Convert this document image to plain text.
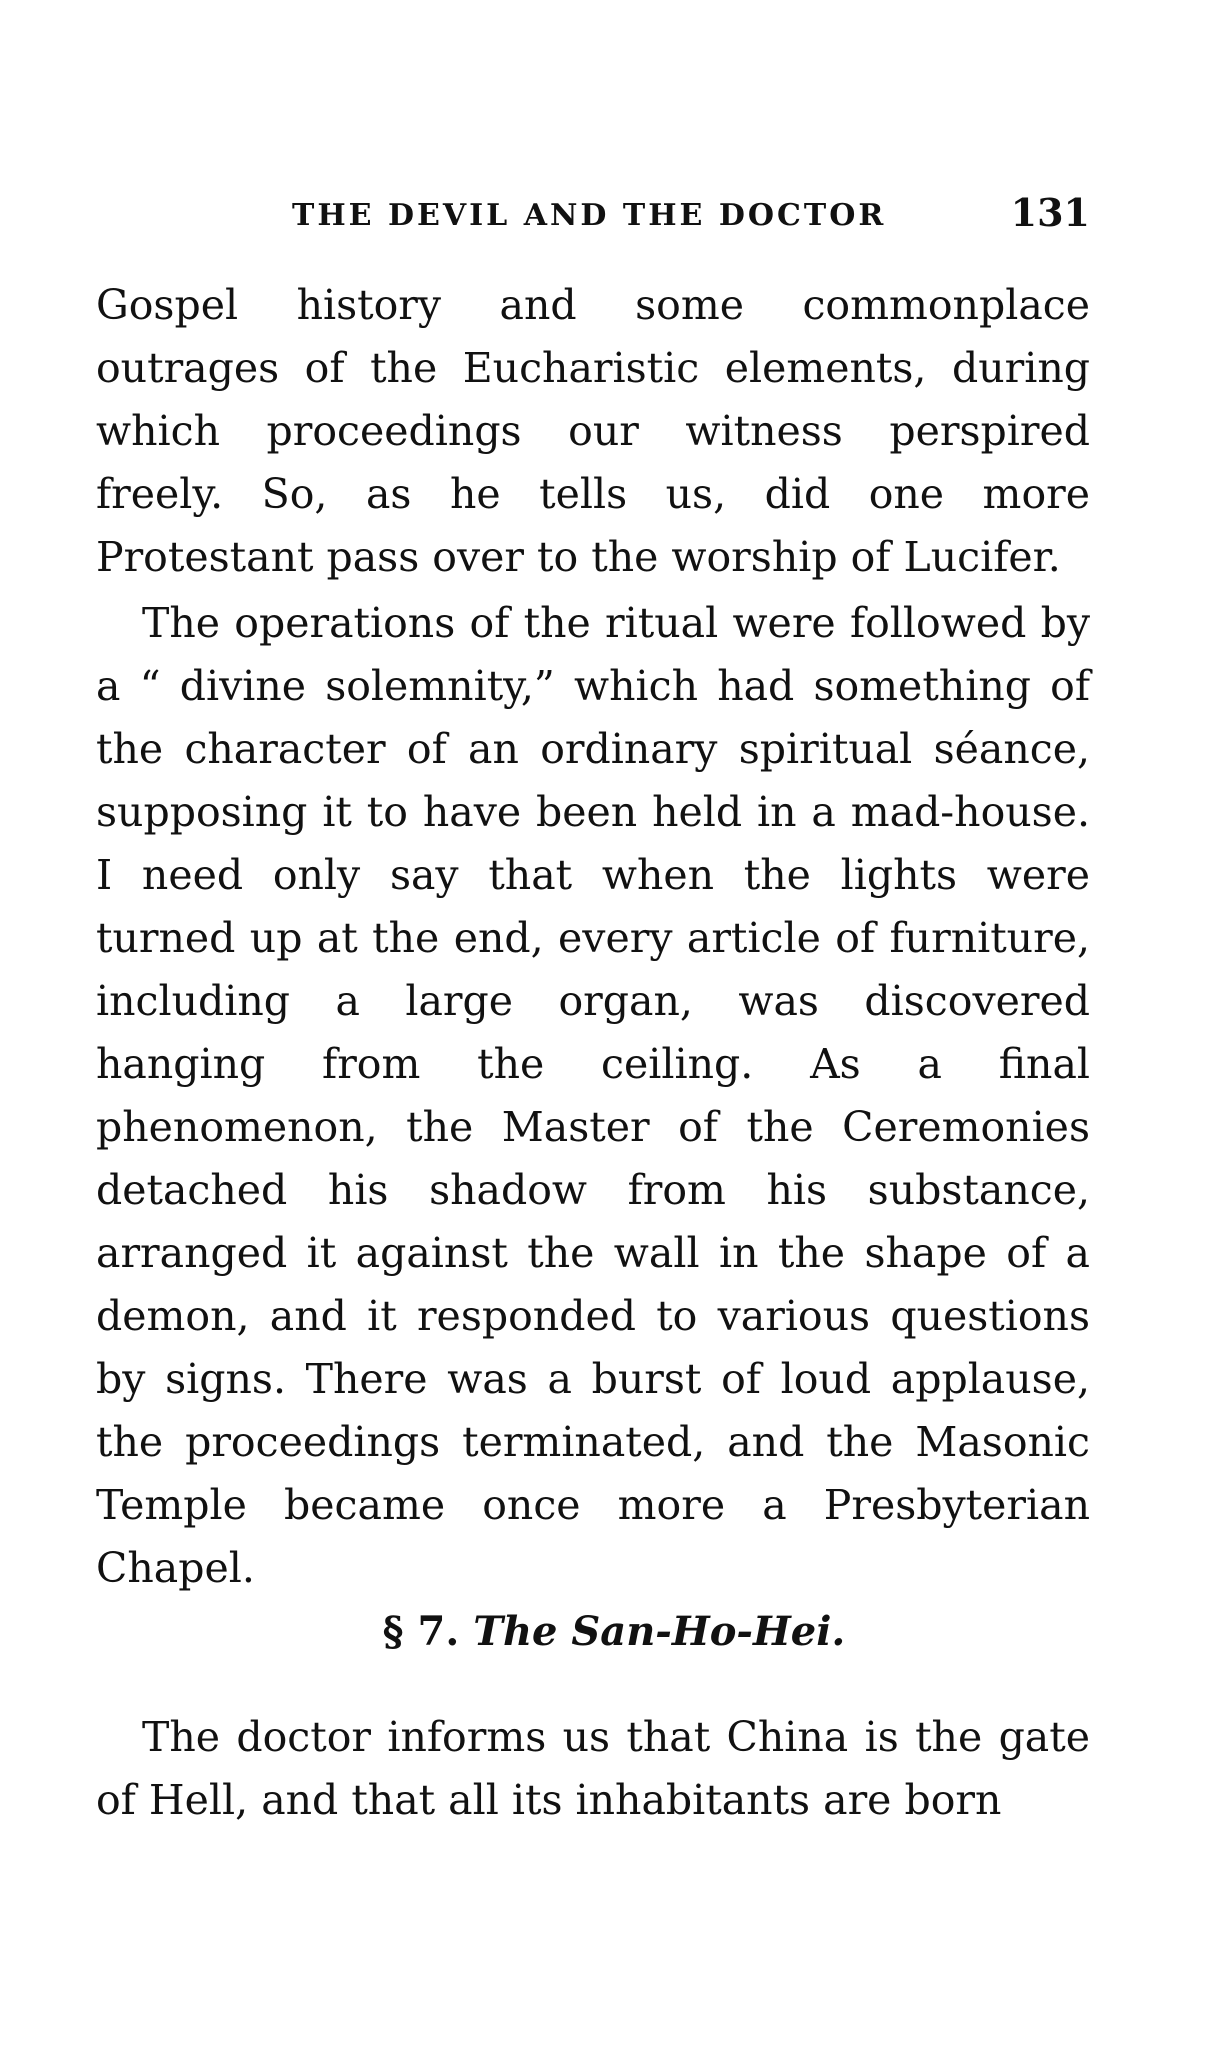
THE DEVIL AND THE DOCTOR	131

Gospel history and some commonplace outrages of the Eucharistic elements, during which proceedings our witness perspired freely. So, as he tells us, did one more Protestant pass over to the worship of Lucifer.

The operations of the ritual were followed by a “ divine solemnity,” which had something of the character of an ordinary spiritual séance, supposing it to have been held in a mad-house. I need only say that when the lights were turned up at the end, every article of furniture, including a large organ, was discovered hanging from the ceiling. As a final phenomenon, the Master of the Ceremonies detached his shadow from his substance, arranged it against the wall in the shape of a demon, and it responded to various questions by signs. There was a burst of loud applause, the proceedings terminated, and the Masonic Temple became once more a Presbyterian Chapel.

§ 7. The San-Ho-Hei.

The doctor informs us that China is the gate of Hell, and that all its inhabitants are born
